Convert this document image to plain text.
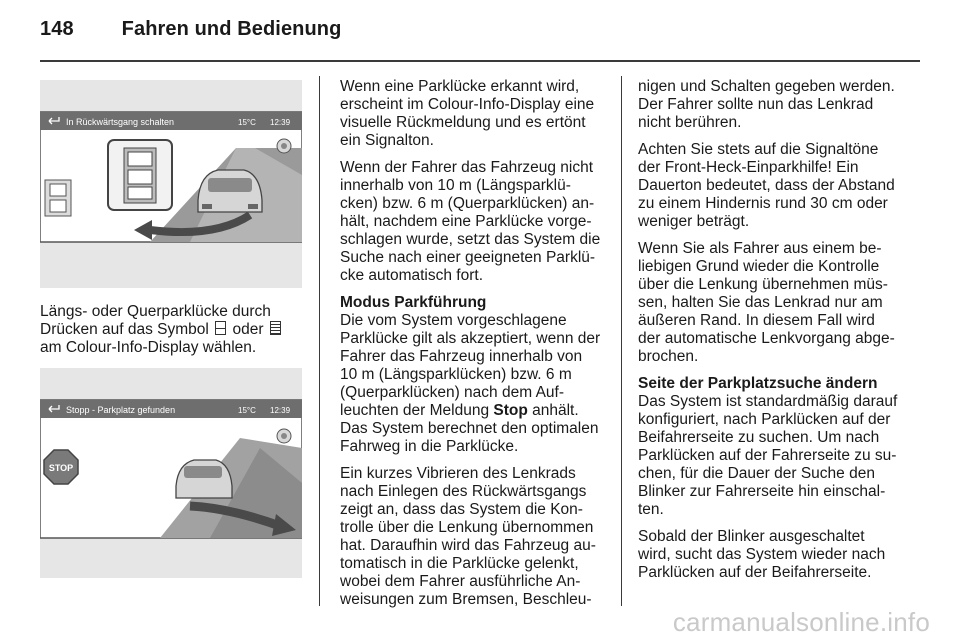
148 Fahren und Bedienung
In Rückwärtsgang schalten	15°C 12:39
Längs- oder Querparklücke durch
Drücken auf das Symbol oder
am Colour-Info-Display wählen.
Stopp - Parkplatz gefunden	15°C 12:39
STOP

Wenn eine Parklücke erkannt wird,
erscheint im Colour-Info-Display eine
visuelle Rückmeldung und es ertönt
ein Signalton.

Wenn der Fahrer das Fahrzeug nicht
innerhalb von 10 m (Längsparklü-
cken) bzw. 6 m (Querparklücken) an-
hält, nachdem eine Parklücke vorge-
schlagen wurde, setzt das System die
Suche nach einer geeigneten Parklü-
cke automatisch fort.

Modus Parkführung

Die vom System vorgeschlagene
Parklücke gilt als akzeptiert, wenn der
Fahrer das Fahrzeug innerhalb von
10 m (Längsparklücken) bzw. 6 m
(Querparklücken) nach dem Auf-
leuchten der Meldung Stop anhält.
Das System berechnet den optimalen
Fahrweg in die Parklücke.

Ein kurzes Vibrieren des Lenkrads
nach Einlegen des Rückwärtsgangs
zeigt an, dass das System die Kon-
trolle über die Lenkung übernommen
hat. Daraufhin wird das Fahrzeug au-
tomatisch in die Parklücke gelenkt,
wobei dem Fahrer ausführliche An-
weisungen zum Bremsen, Beschleu-

nigen und Schalten gegeben werden.
Der Fahrer sollte nun das Lenkrad
nicht berühren.

Achten Sie stets auf die Signaltöne
der Front-Heck-Einparkhilfe! Ein
Dauerton bedeutet, dass der Abstand
zu einem Hindernis rund 30 cm oder
weniger beträgt.

Wenn Sie als Fahrer aus einem be-
liebigen Grund wieder die Kontrolle
über die Lenkung übernehmen müs-
sen, halten Sie das Lenkrad nur am
äußeren Rand. In diesem Fall wird
der automatische Lenkvorgang abge-
brochen.

Seite der Parkplatzsuche ändern

Das System ist standardmäßig darauf
konfiguriert, nach Parklücken auf der
Beifahrerseite zu suchen. Um nach
Parklücken auf der Fahrerseite zu su-
chen, für die Dauer der Suche den
Blinker zur Fahrerseite hin einschal-
ten.

Sobald der Blinker ausgeschaltet
wird, sucht das System wieder nach
Parklücken auf der Beifahrerseite.

carmanualsonline.info
